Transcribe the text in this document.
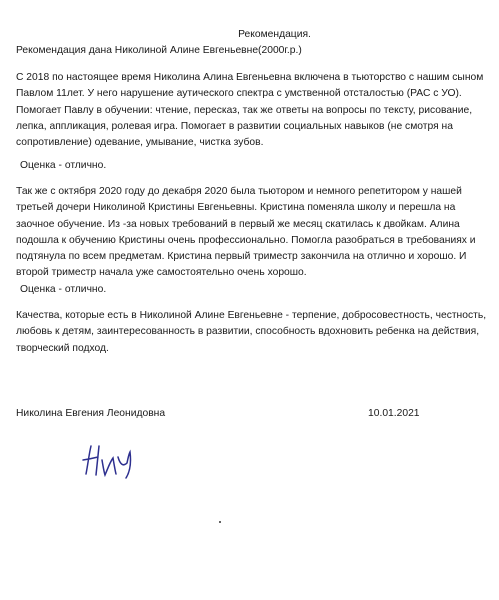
Рекомендация.
Рекомендация дана Николиной Алине Евгеньевне(2000г.р.)
С 2018 по настоящее время Николина Алина Евгеньевна включена в тьюторство с нашим сыном
Павлом 11лет. У него нарушение аутического спектра с умственной отсталостью (РАС с УО).
Помогает Павлу в обучении: чтение, пересказ, так же ответы на вопросы по тексту, рисование,
лепка, аппликация, ролевая игра. Помогает в развитии социальных навыков (не смотря на
сопротивление) одевание, умывание, чистка зубов.
Оценка - отлично.
Так же с октября 2020 году до декабря 2020 была тьютором и немного репетитором у нашей
третьей дочери Николиной Кристины Евгеньевны. Кристина поменяла школу и перешла на
заочное обучение. Из -за новых требований в первый же месяц скатилась к двойкам. Алина
подошла к обучению Кристины очень профессионально. Помогла разобраться в требованиях и
подтянула по всем предметам. Кристина первый триместр закончила на отлично и хорошо. И
второй триместр начала уже самостоятельно очень хорошо.
Оценка - отлично.
Качества, которые есть в Николиной Алине Евгеньевне - терпение, добросовестность, честность,
любовь к детям, заинтересованность в развитии, способность вдохновить ребенка на действия,
творческий подход.
Николина Евгения Леонидовна	10.01.2021
